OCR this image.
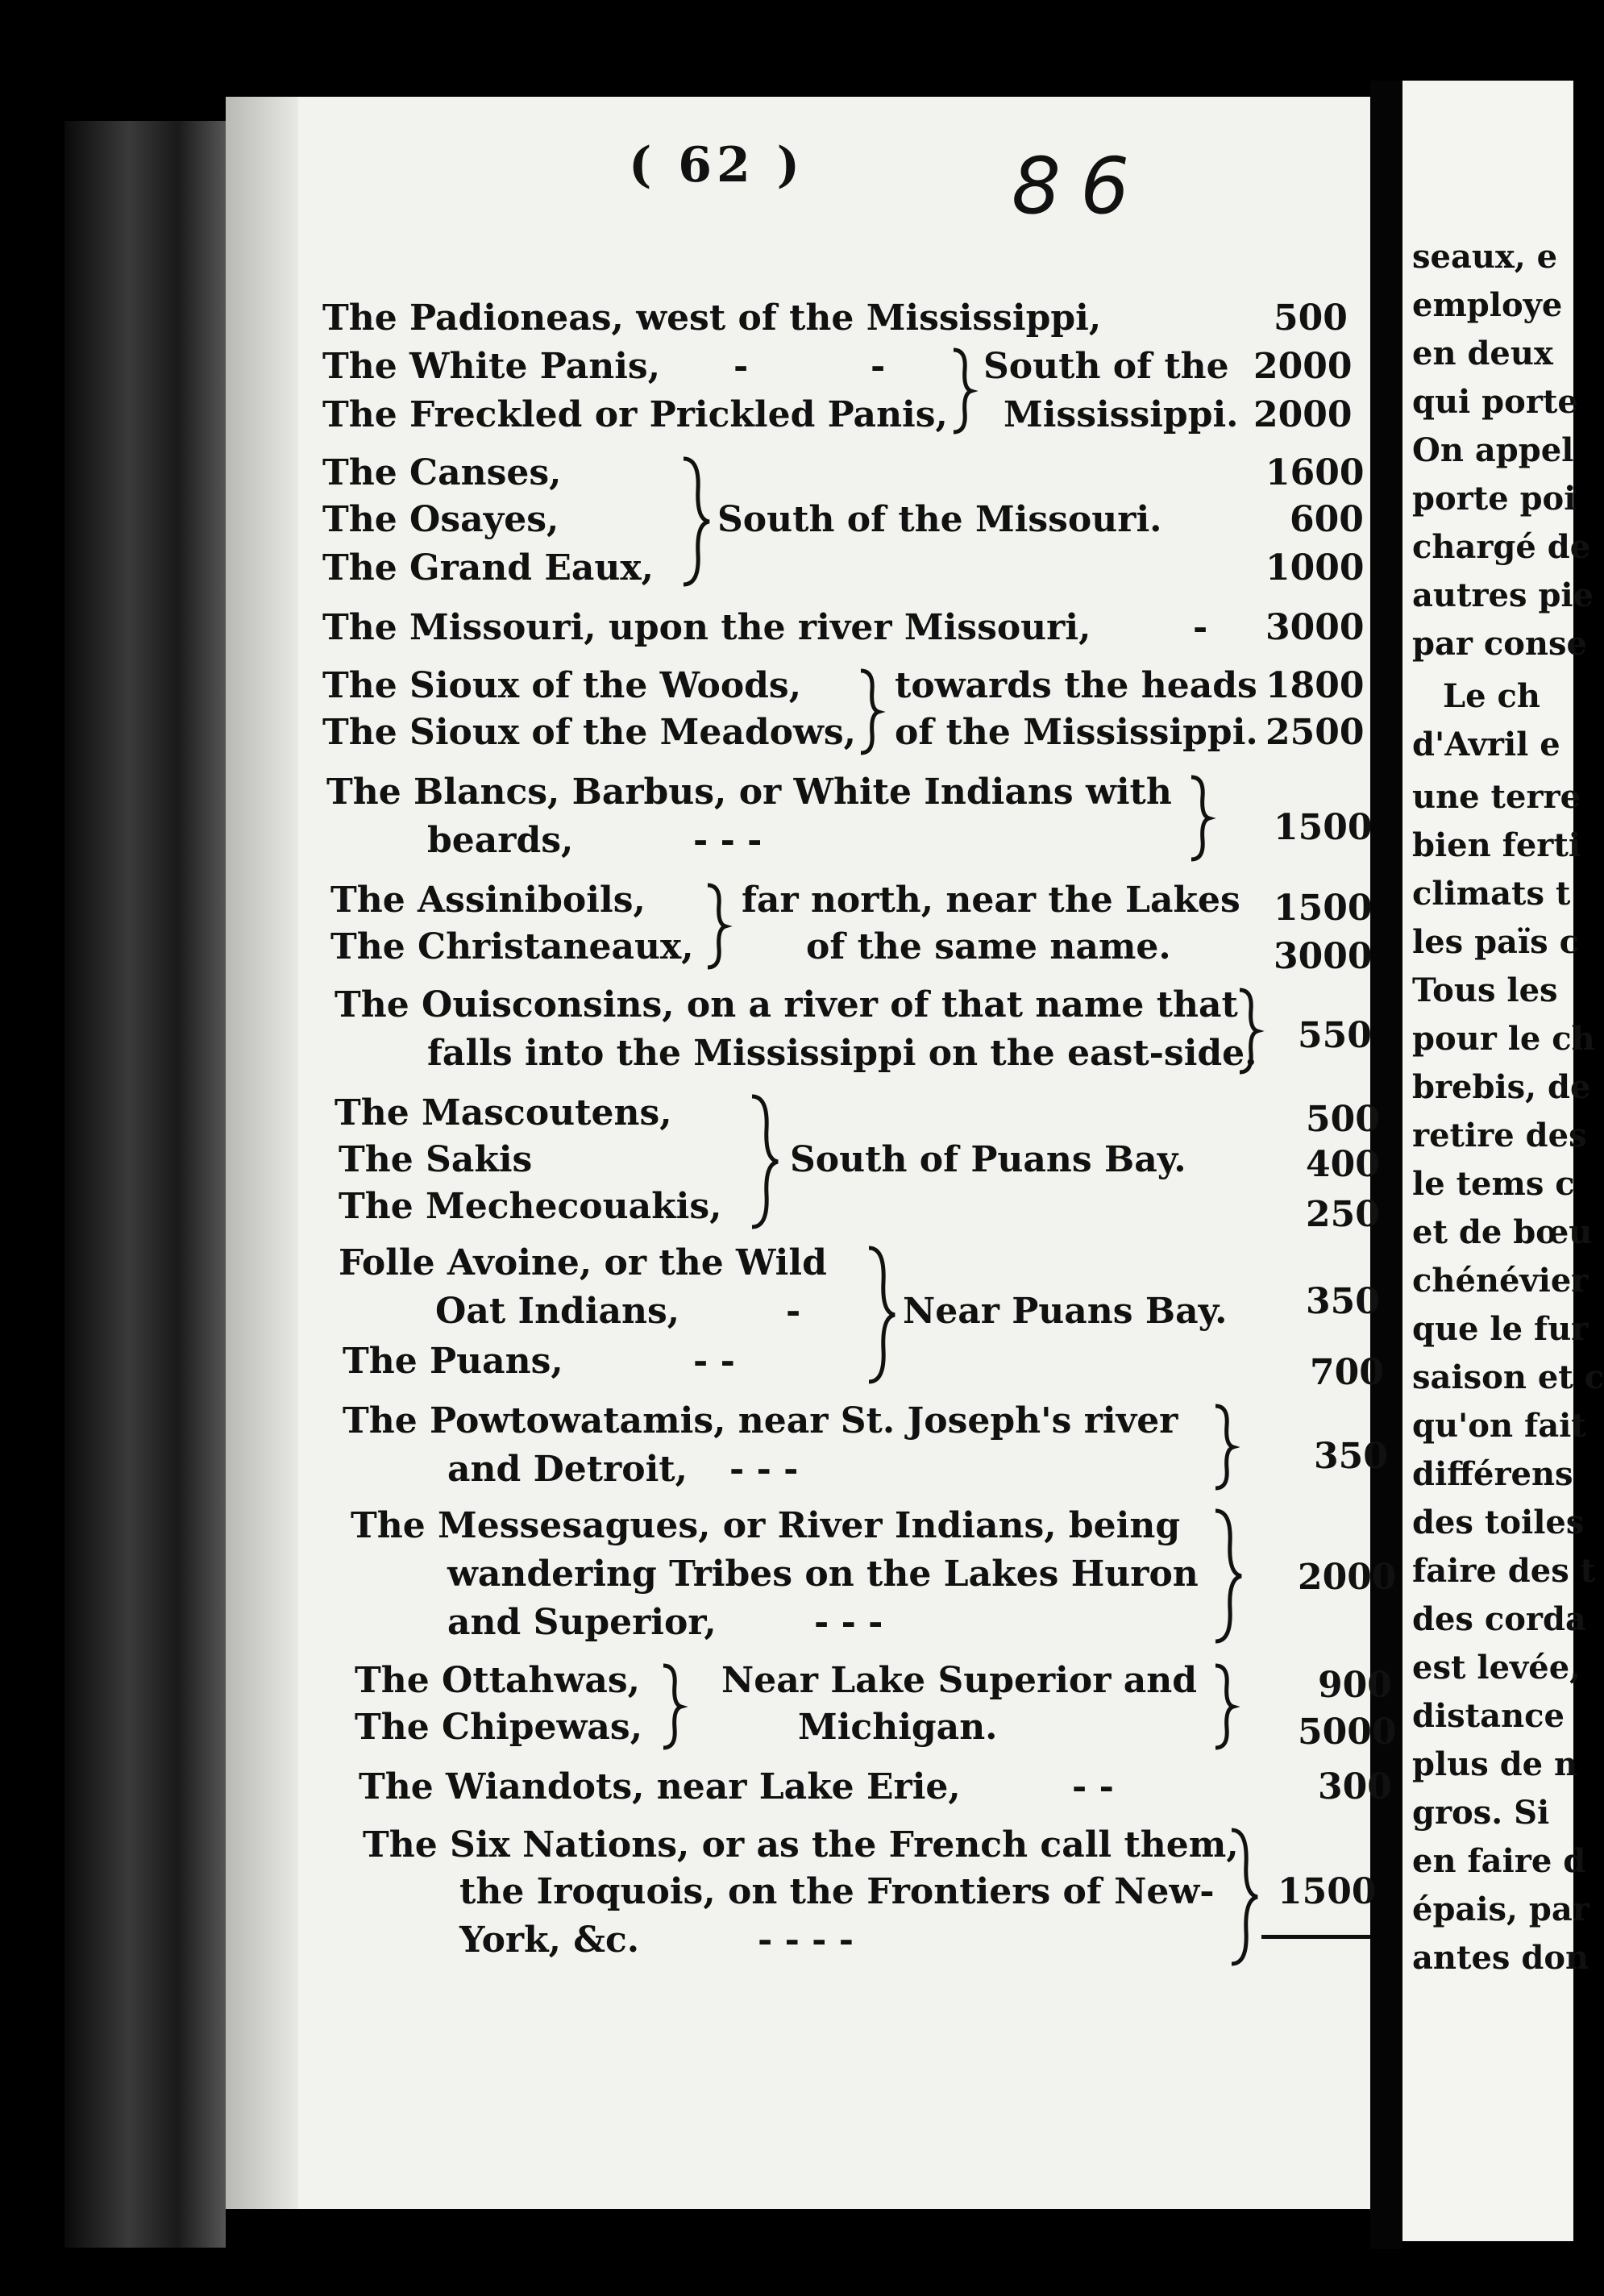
( 62 )	86
The Padioneas, west of the Mississippi,
The White Panis,
The Freckled or Prickled Panis,
The Canses,
The Osayes,
The Grand Eaux,
The Missouri, upon the river Missouri,
The Sioux of the Woods,
The Sioux of the Meadows,
The Blancs, Barbus, or White Indians with
beards,
The Assiniboils,
The Christaneaux,
The Ouisconsins, on a river of that name that
falls into the Mississippi on the east-side.
The Mascoutens,
The Sakis
The Mechecouakis,
Folle Avoine, or the Wild
Oat Indians,
The Puans,
The Powtowatamis, near St. Joseph's river
and Detroit,
The Messesagues, or River Indians, being
wandering Tribes on the Lakes Huron
and Superior,
The Ottahwas,
The Chipewas,
The Wiandots, near Lake Erie,
The Six Nations, or as the French call them,
the Iroquois, on the Frontiers of New-
York, &c.
South of the
Mississippi.
South of the Missouri.
towards the heads
of the Mississippi.
far north, near the Lakes
of the same name.
South of Puans Bay.
Near Puans Bay.
Near Lake Superior and
Michigan.
-	-
-
- - -
-
- -
- - -
- - -
- -
- - - -
500
2000
2000
1600
600
1000
3000
1800
2500
1500
1500
3000
550
500
400
250
350
700
350
2000
900
5000
300
1500
seaux, e
employe
en deux
qui porte
On appel
porte poi
chargé de
autres pie
par conse
Le ch
d'Avril e
une terre
bien ferti
climats t
les païs c
Tous les
pour le ch
brebis, de
retire des
le tems c
et de bœu
chénévier
que le fur
saison et c
qu'on fait
différens
des toiles
faire des t
des corda
est levée,
distance
plus de n
gros. Si
en faire d
épais, par
antes don
